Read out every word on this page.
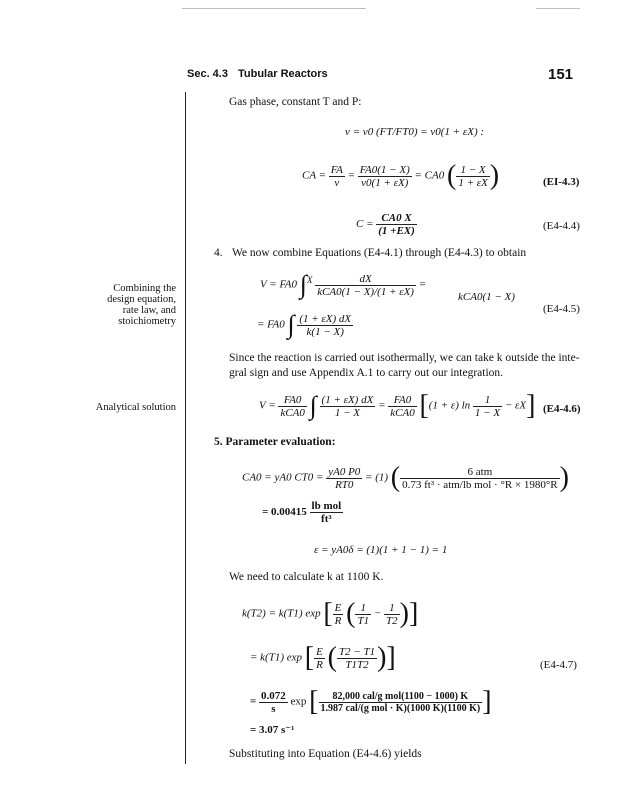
Sec. 4.3 Tubular Reactors	151
Combining the
design equation,
rate law, and
stoichiometry
Analytical solution
Gas phase, constant T and P:
v = v0 (FT/FT0) = v0(1 + εX) :
CA = $\frac{FA}{v} = \frac{FA0(1 - X)}{v0(1 + \varepsilon X)} = CA0$ ( $\frac{1 - X}{1 + \varepsilon X}$ )	(EI-4.3)
$C = \frac{CA0 X}{(1 +EX)}$	(E4-4.4)
4. We now combine Equations (E4-4.1) through (E4-4.3) to obtain
V = FA0 $\int^X \frac{dX}{\text{kCA0(1 − X)/(1 + εX)}}$ =
kCA0(1 − X)
= FA0 ∫ $\frac{(1 + \varepsilon X) dX}{k(1 - X)}$
(E4-4.5)
Since the reaction is carried out isothermally, we can take k outside the inte-
gral sign and use Appendix A.1 to carry out our integration.
$V = \frac{FA0}{\text{kCA0}}$ ∫ $\frac{(1 + \varepsilon X) dX}{1 - X} = \frac{FA0}{\text{kCA0}} [(1 + \varepsilon)$ $\ln \frac{1}{1 - X} - \varepsilon X$] (E4-4.6)
5. Parameter evaluation:
CA0 = yA0 $CT0 = \frac{yA0 P0}{RT0} = (1)$ ( $\frac{\text{6 atm}}{\text{0.73 ft³ · atm/lb mol · °R × 1980°R}}$ )
= $0.00415 \frac{\text{lb mol}}{\text{ft³}}$
ε = yA0δ = (1)(1 + 1 − 1) = 1
We need to calculate k at 1100 K.
k(T2) = k(T1) exp [ $\frac{E}{R}$ ( $\frac{1}{T1} - \frac{1}{T2}$ )]
= k(T1) exp [ $\frac{E}{R}$ ( $\frac{T2 - T1}{T1T2}$ )]	(E4-4.7)
= $\frac{0.072}{s}$ exp [ $\frac{\text{82,000 cal/g mol(1100 − 1000) K}}{\text{1.987 cal/(g mol · K)(1000 K)(1100 K)}}$ ]
= 3.07 s⁻¹
Substituting into Equation (E4-4.6) yields
